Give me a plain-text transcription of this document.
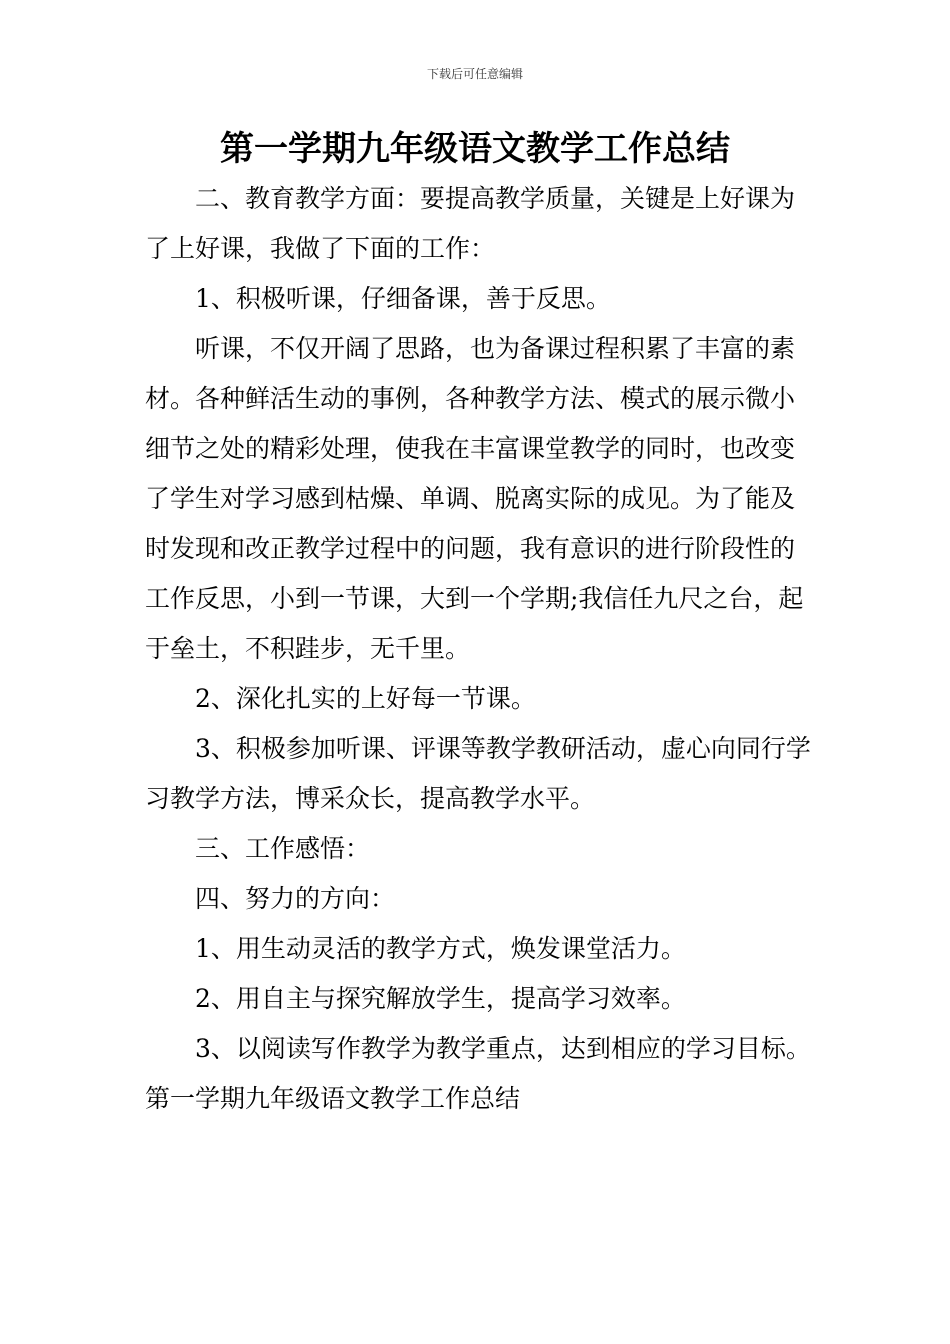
下载后可任意编辑
第一学期九年级语文教学工作总结

二、教育教学方面：要提高教学质量，关键是上好课为了上好课，我做了下面的工作：

1、积极听课，仔细备课，善于反思。

听课，不仅开阔了思路，也为备课过程积累了丰富的素材。各种鲜活生动的事例，各种教学方法、模式的展示微小细节之处的精彩处理，使我在丰富课堂教学的同时，也改变了学生对学习感到枯燥、单调、脱离实际的成见。为了能及时发现和改正教学过程中的问题，我有意识的进行阶段性的工作反思，小到一节课，大到一个学期;我信任九尺之台，起于垒土，不积跬步，无千里。

2、深化扎实的上好每一节课。

3、积极参加听课、评课等教学教研活动，虚心向同行学习教学方法，博采众长，提高教学水平。

三、工作感悟：

四、努力的方向：

1、用生动灵活的教学方式，焕发课堂活力。

2、用自主与探究解放学生，提高学习效率。

3、以阅读写作教学为教学重点，达到相应的学习目标。

第一学期九年级语文教学工作总结
